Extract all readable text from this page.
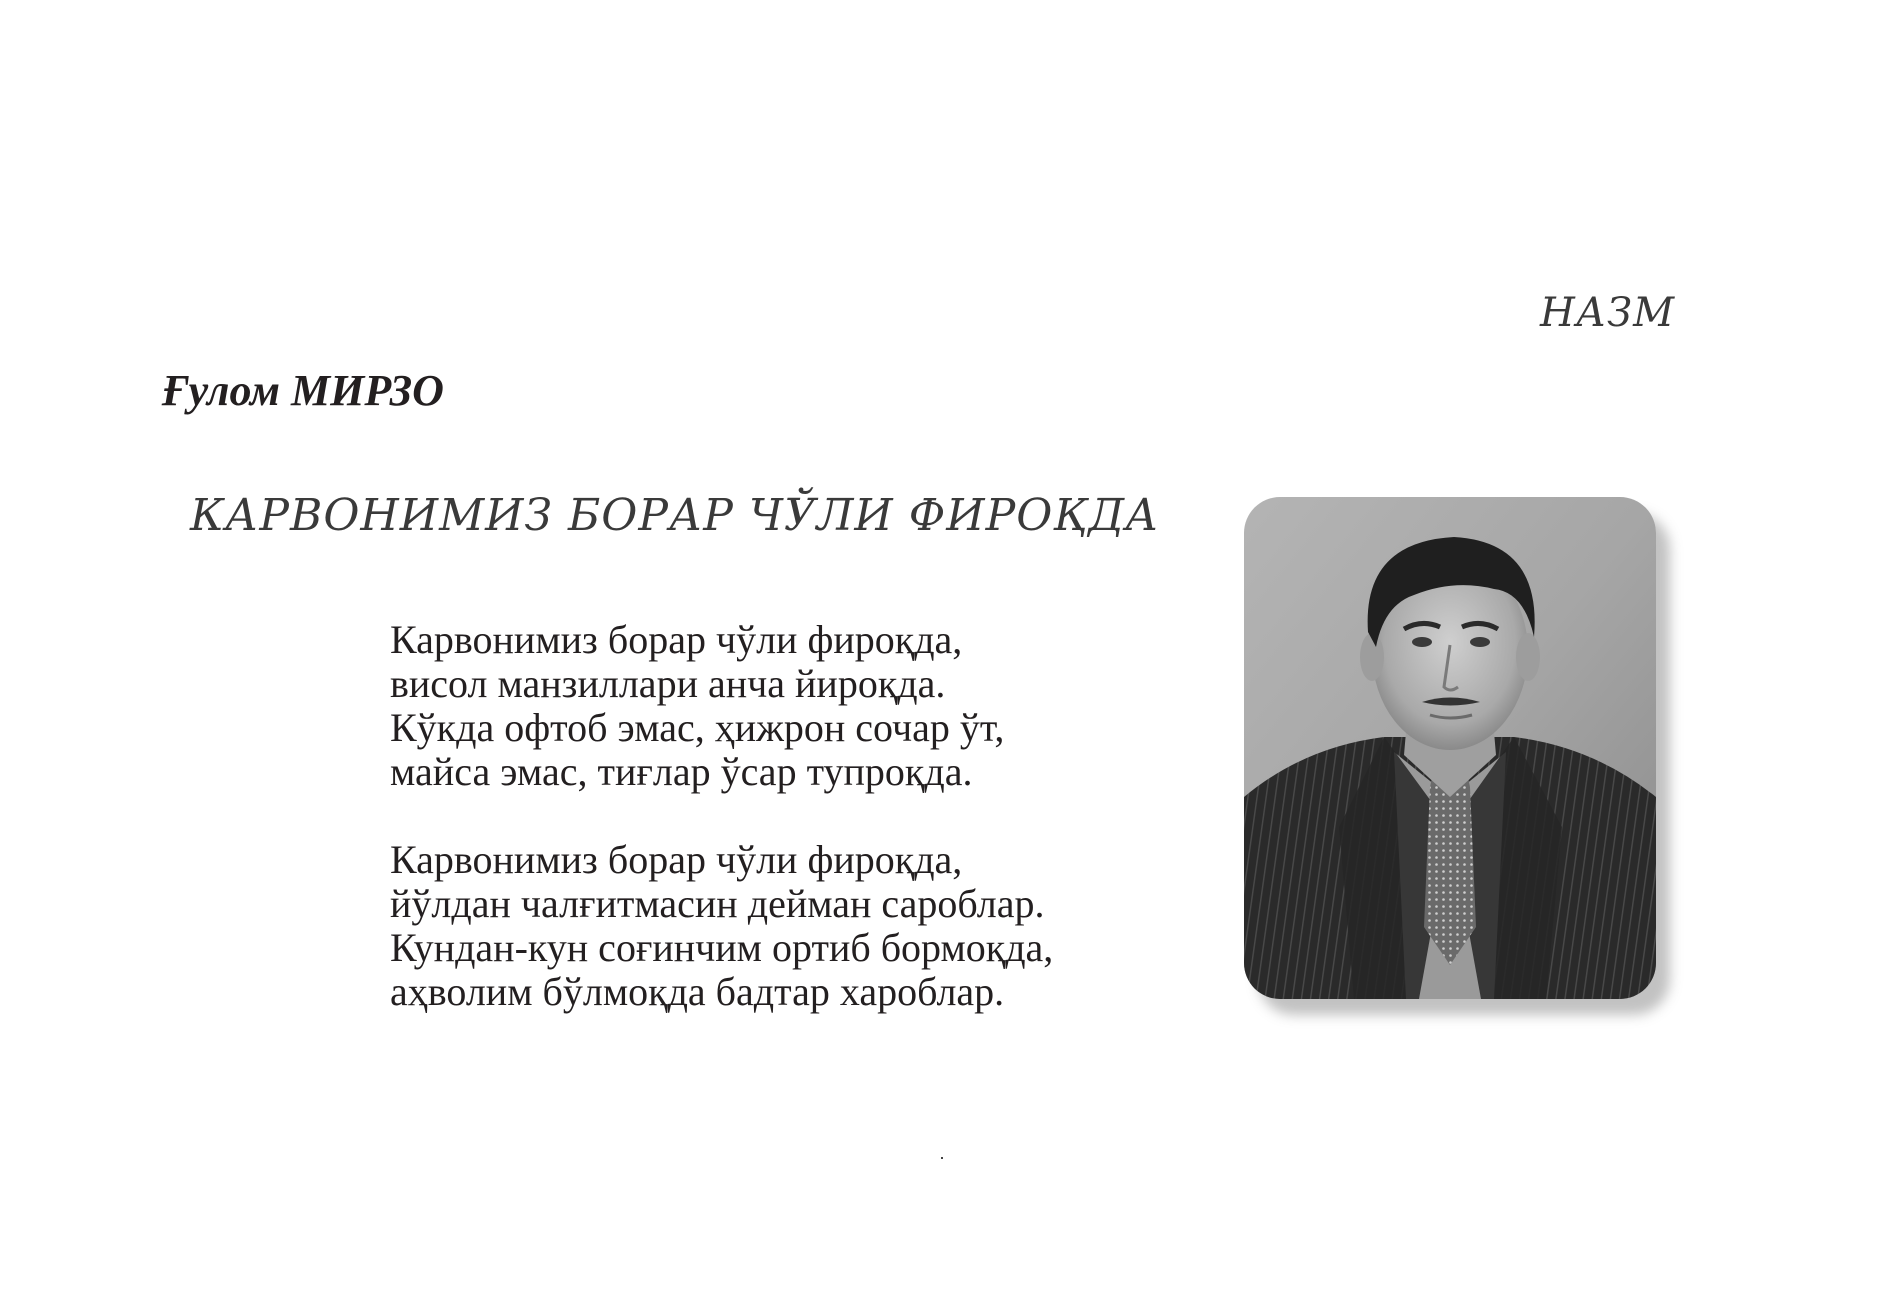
НАЗМ
Ғулом МИРЗО
КАРВОНИМИЗ БОРАР ЧЎЛИ ФИРОҚДА
Карвонимиз борар чўли фироқда,
висол манзиллари анча йироқда.
Кўкда офтоб эмас, ҳижрон сочар ўт,
майса эмас, тиғлар ўсар тупроқда.
Карвонимиз борар чўли фироқда,
йўлдан чалғитмасин дейман сароблар.
Кундан-кун соғинчим ортиб бормоқда,
аҳволим бўлмоқда бадтар хароблар.
